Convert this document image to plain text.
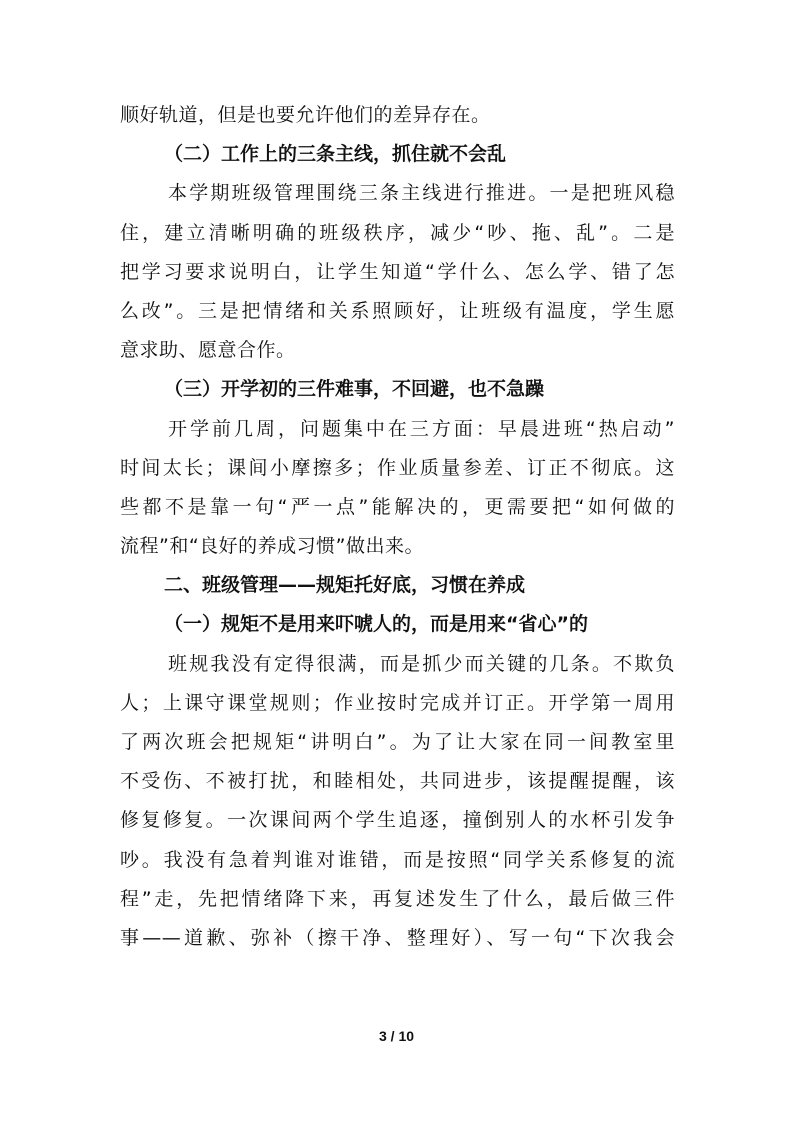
顺好轨道，但是也要允许他们的差异存在。
（二）工作上的三条主线，抓住就不会乱
本学期班级管理围绕三条主线进行推进。一是把班风稳
住，建立清晰明确的班级秩序，减少“吵、拖、乱”。二是
把学习要求说明白，让学生知道“学什么、怎么学、错了怎
么改”。三是把情绪和关系照顾好，让班级有温度，学生愿
意求助、愿意合作。
（三）开学初的三件难事，不回避，也不急躁
开学前几周，问题集中在三方面：早晨进班“热启动”
时间太长；课间小摩擦多；作业质量参差、订正不彻底。这
些都不是靠一句“严一点”能解决的，更需要把“如何做的
流程”和“良好的养成习惯”做出来。
二、班级管理——规矩托好底，习惯在养成
（一）规矩不是用来吓唬人的，而是用来“省心”的
班规我没有定得很满，而是抓少而关键的几条。不欺负
人；上课守课堂规则；作业按时完成并订正。开学第一周用
了两次班会把规矩“讲明白”。为了让大家在同一间教室里
不受伤、不被打扰，和睦相处，共同进步，该提醒提醒，该
修复修复。一次课间两个学生追逐，撞倒别人的水杯引发争
吵。我没有急着判谁对谁错，而是按照“同学关系修复的流
程”走，先把情绪降下来，再复述发生了什么，最后做三件
事——道歉、弥补（擦干净、整理好）、写一句“下次我会
3 / 10
